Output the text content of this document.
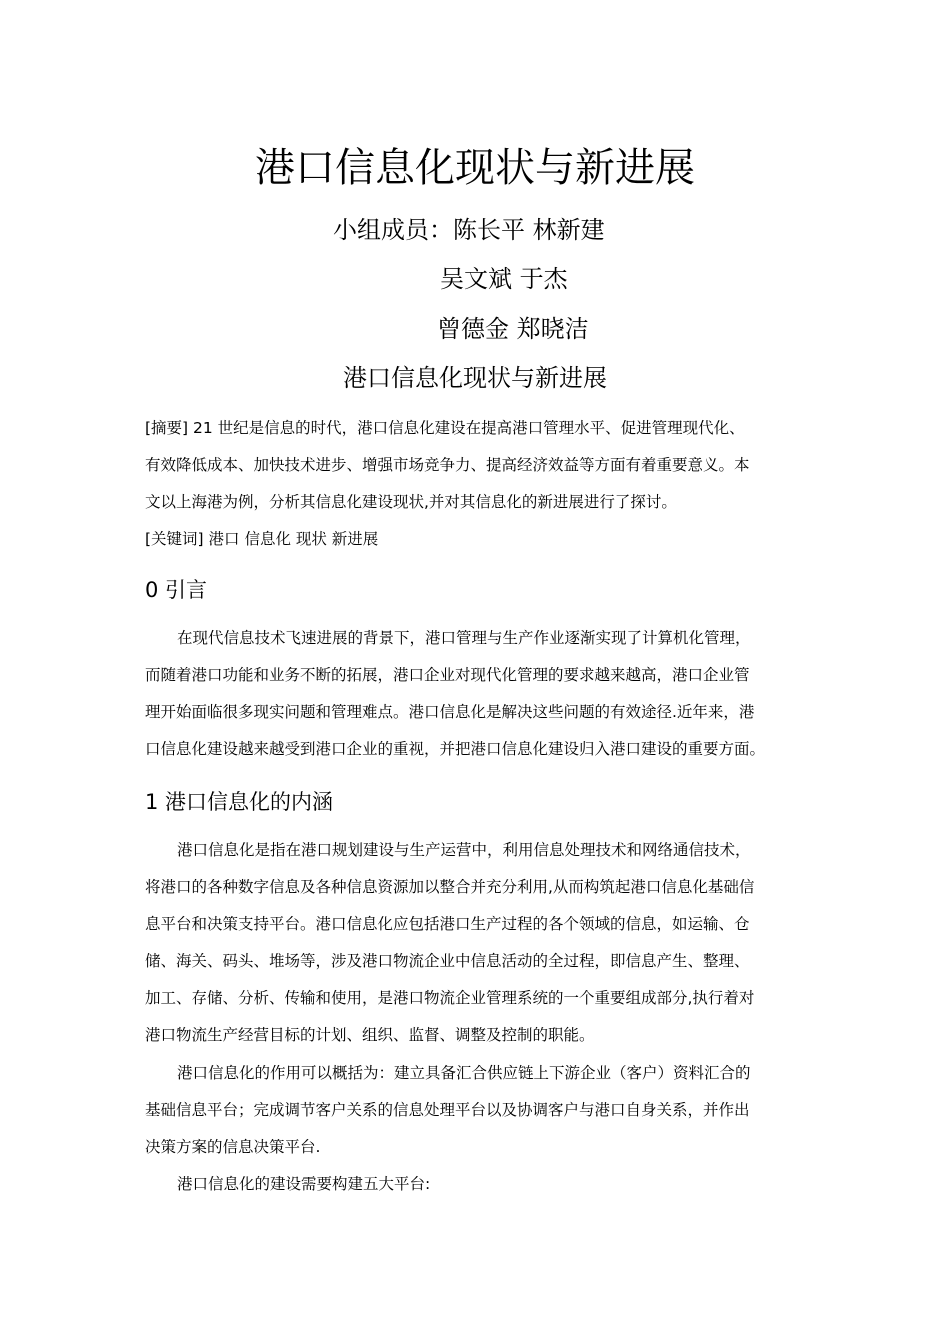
港口信息化现状与新进展
小组成员：陈长平 林新建
吴文斌 于杰
曾德金 郑晓洁
港口信息化现状与新进展

[摘要] 21 世纪是信息的时代，港口信息化建设在提高港口管理水平、促进管理现代化、

有效降低成本、加快技术进步、增强市场竞争力、提高经济效益等方面有着重要意义。本

文以上海港为例，分析其信息化建设现状,并对其信息化的新进展进行了探讨。

[关键词] 港口 信息化 现状 新进展
0 引言

在现代信息技术飞速进展的背景下，港口管理与生产作业逐渐实现了计算机化管理，

而随着港口功能和业务不断的拓展，港口企业对现代化管理的要求越来越高，港口企业管

理开始面临很多现实问题和管理难点。港口信息化是解决这些问题的有效途径.近年来，港

口信息化建设越来越受到港口企业的重视，并把港口信息化建设归入港口建设的重要方面。

1 港口信息化的内涵

港口信息化是指在港口规划建设与生产运营中，利用信息处理技术和网络通信技术，

将港口的各种数字信息及各种信息资源加以整合并充分利用,从而构筑起港口信息化基础信

息平台和决策支持平台。港口信息化应包括港口生产过程的各个领域的信息，如运输、仓

储、海关、码头、堆场等，涉及港口物流企业中信息活动的全过程，即信息产生、整理、

加工、存储、分析、传输和使用，是港口物流企业管理系统的一个重要组成部分,执行着对

港口物流生产经营目标的计划、组织、监督、调整及控制的职能。

港口信息化的作用可以概括为：建立具备汇合供应链上下游企业（客户）资料汇合的

基础信息平台；完成调节客户关系的信息处理平台以及协调客户与港口自身关系，并作出

决策方案的信息决策平台.

港口信息化的建设需要构建五大平台:
